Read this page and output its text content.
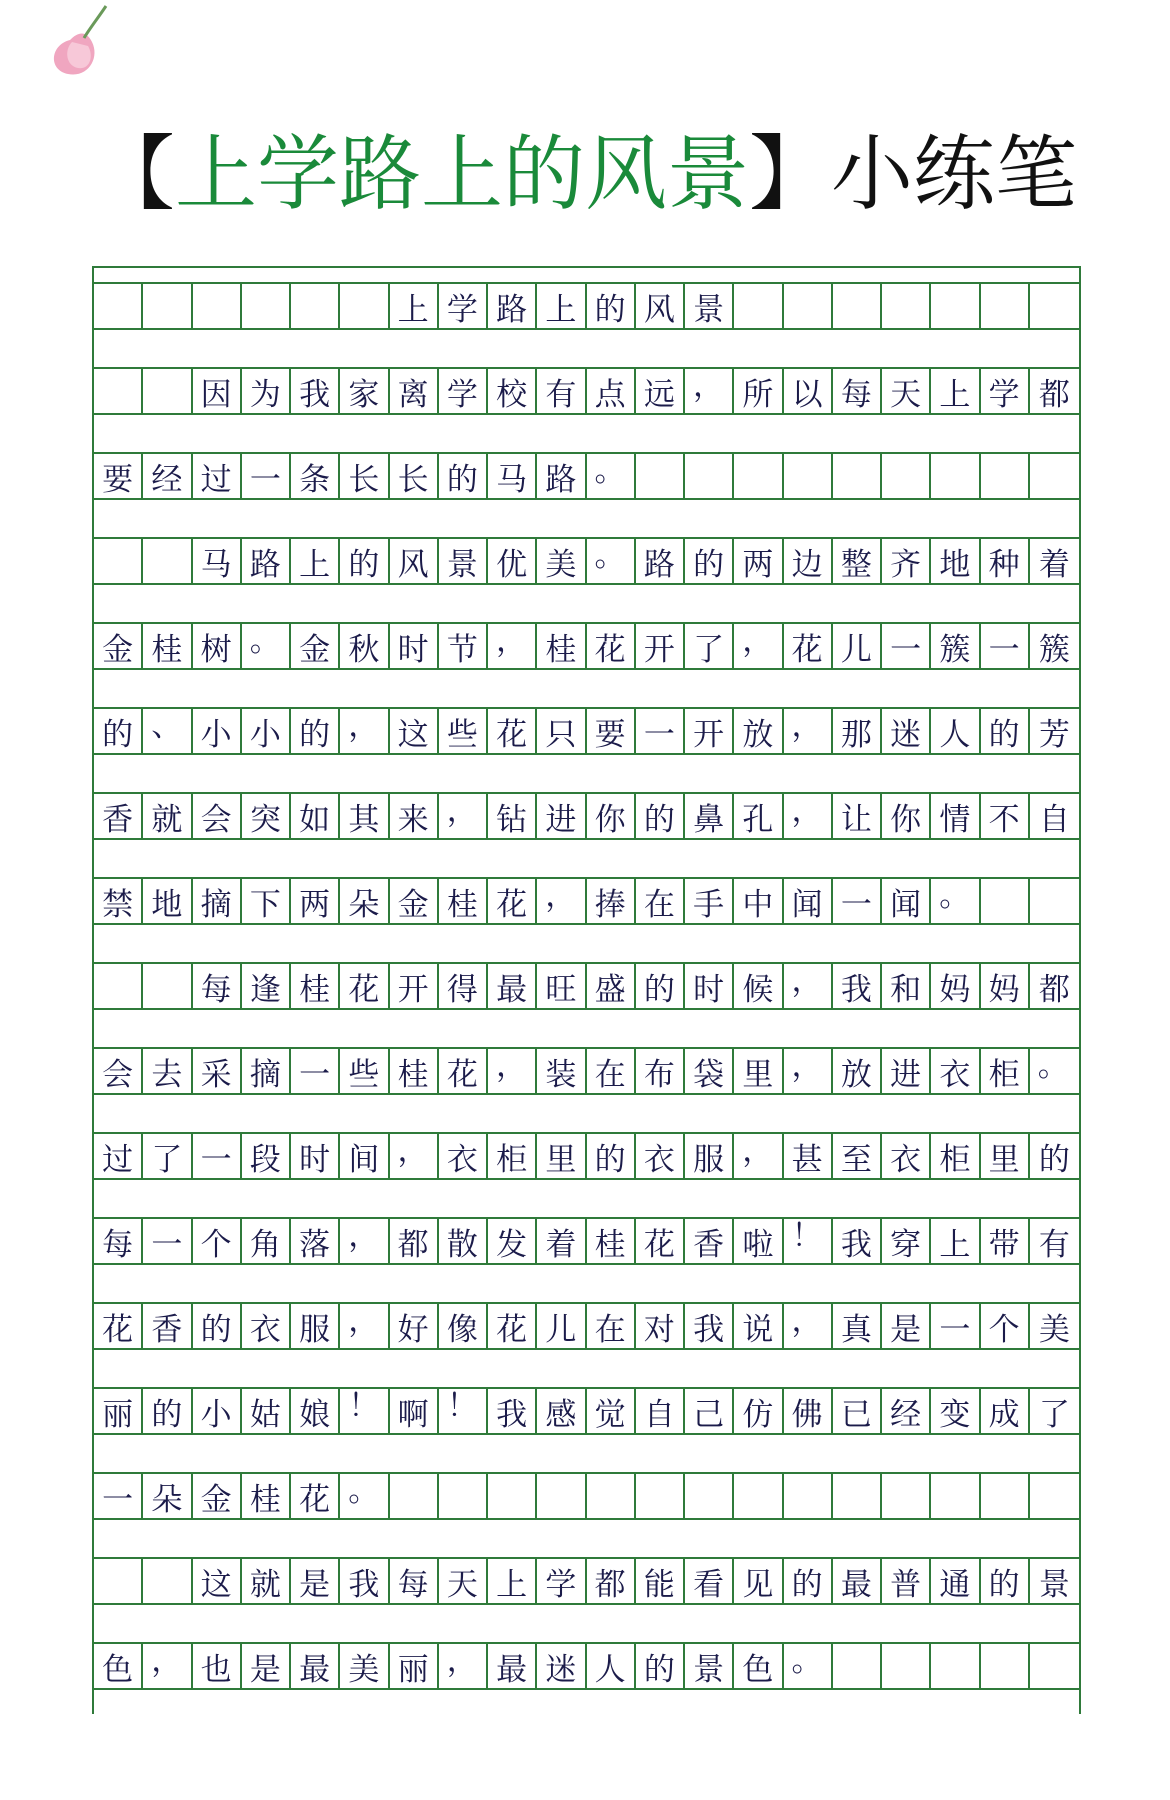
【上学路上的风景】小练笔
上 学 路 上 的 风 景
因 为 我 家 离 学 校 有 点 远 ， 所 以 每 天 上 学 都
要 经 过 一 条 长 长 的 马 路 。
马 路 上 的 风 景 优 美 。 路 的 两 边 整 齐 地 种 着
金 桂 树 。 金 秋 时 节 ， 桂 花 开 了 ， 花 儿 一 簇 一 簇
的 、 小 小 的 ， 这 些 花 只 要 一 开 放 ， 那 迷 人 的 芳
香 就 会 突 如 其 来 ， 钻 进 你 的 鼻 孔 ， 让 你 情 不 自
禁 地 摘 下 两 朵 金 桂 花 ， 捧 在 手 中 闻 一 闻 。
每 逢 桂 花 开 得 最 旺 盛 的 时 候 ， 我 和 妈 妈 都
会 去 采 摘 一 些 桂 花 ， 装 在 布 袋 里 ， 放 进 衣 柜 。
过 了 一 段 时 间 ， 衣 柜 里 的 衣 服 ， 甚 至 衣 柜 里 的
每 一 个 角 落 ， 都 散 发 着 桂 花 香 啦 ！ 我 穿 上 带 有
花 香 的 衣 服 ， 好 像 花 儿 在 对 我 说 ， 真 是 一 个 美
丽 的 小 姑 娘 ！ 啊 ！ 我 感 觉 自 己 仿 佛 已 经 变 成 了
一 朵 金 桂 花 。
这 就 是 我 每 天 上 学 都 能 看 见 的 最 普 通 的 景
色 ， 也 是 最 美 丽 ， 最 迷 人 的 景 色 。
